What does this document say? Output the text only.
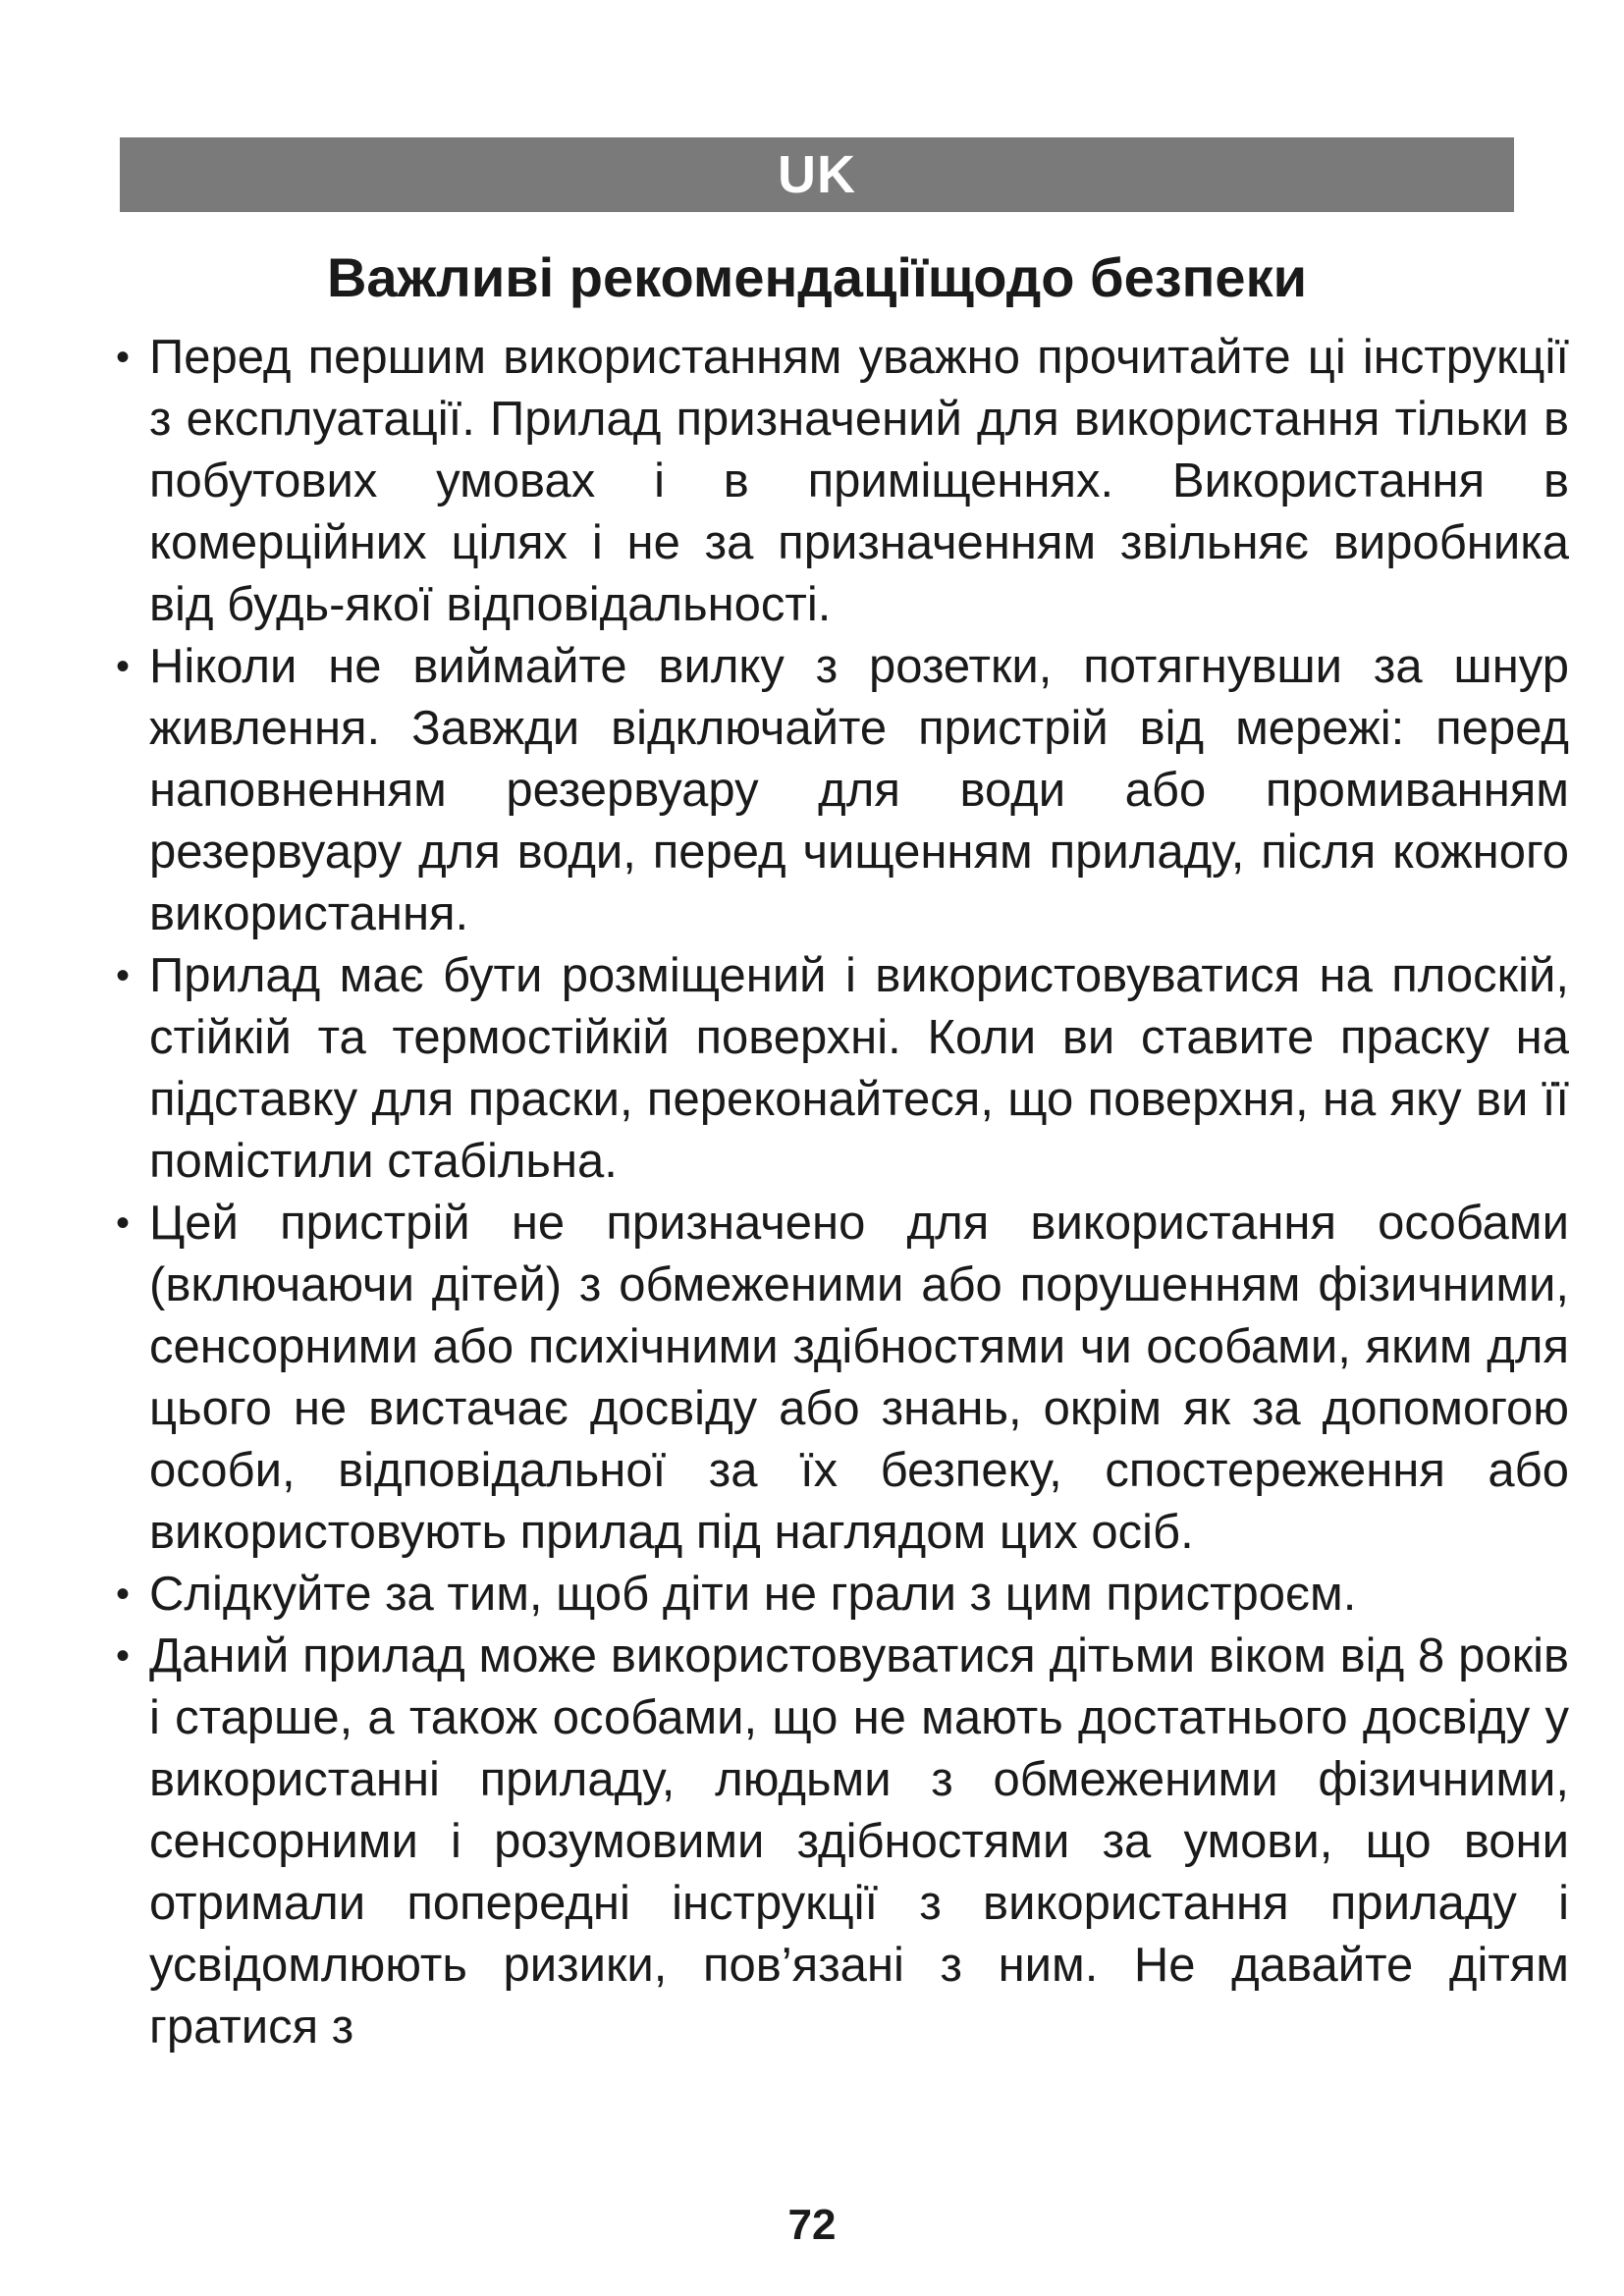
UK
Важливі рекомендаціїщодо безпеки
• Перед першим використанням уважно прочитайте ці інструкції з експлуатації. Прилад призначений для використання тільки в побутових умовах і в приміщеннях. Використання в комерційних цілях і не за призначенням звільняє виробника від будь-якої відповідальності.
• Ніколи не виймайте вилку з розетки, потягнувши за шнур живлення. Завжди відключайте пристрій від мережі: перед наповненням резервуару для води або промиванням резервуару для води, перед чищенням приладу, після кожного використання.
• Прилад має бути розміщений і використовуватися на плоскій, стійкій та термостійкій поверхні. Коли ви ставите праску на підставку для праски, переконайтеся, що поверхня, на яку ви її помістили стабільна.
• Цей пристрій не призначено для використання особами (включаючи дітей) з обмеженими або порушенням фізичними, сенсорними або психічними здібностями чи особами, яким для цього не вистачає досвіду або знань, окрім як за допомогою особи, відповідальної за їх безпеку, спостереження або використовують прилад під наглядом цих осіб.
• Слідкуйте за тим, щоб діти не грали з цим пристроєм.
• Даний прилад може використовуватися дітьми віком від 8 років і старше, а також особами, що не мають достатнього досвіду у використанні приладу, людьми з обмеженими фізичними, сенсорними і розумовими здібностями за умови, що вони отримали попередні інструкції з використання приладу і усвідомлюють ризики, пов’язані з ним. Не давайте дітям гратися з
72
